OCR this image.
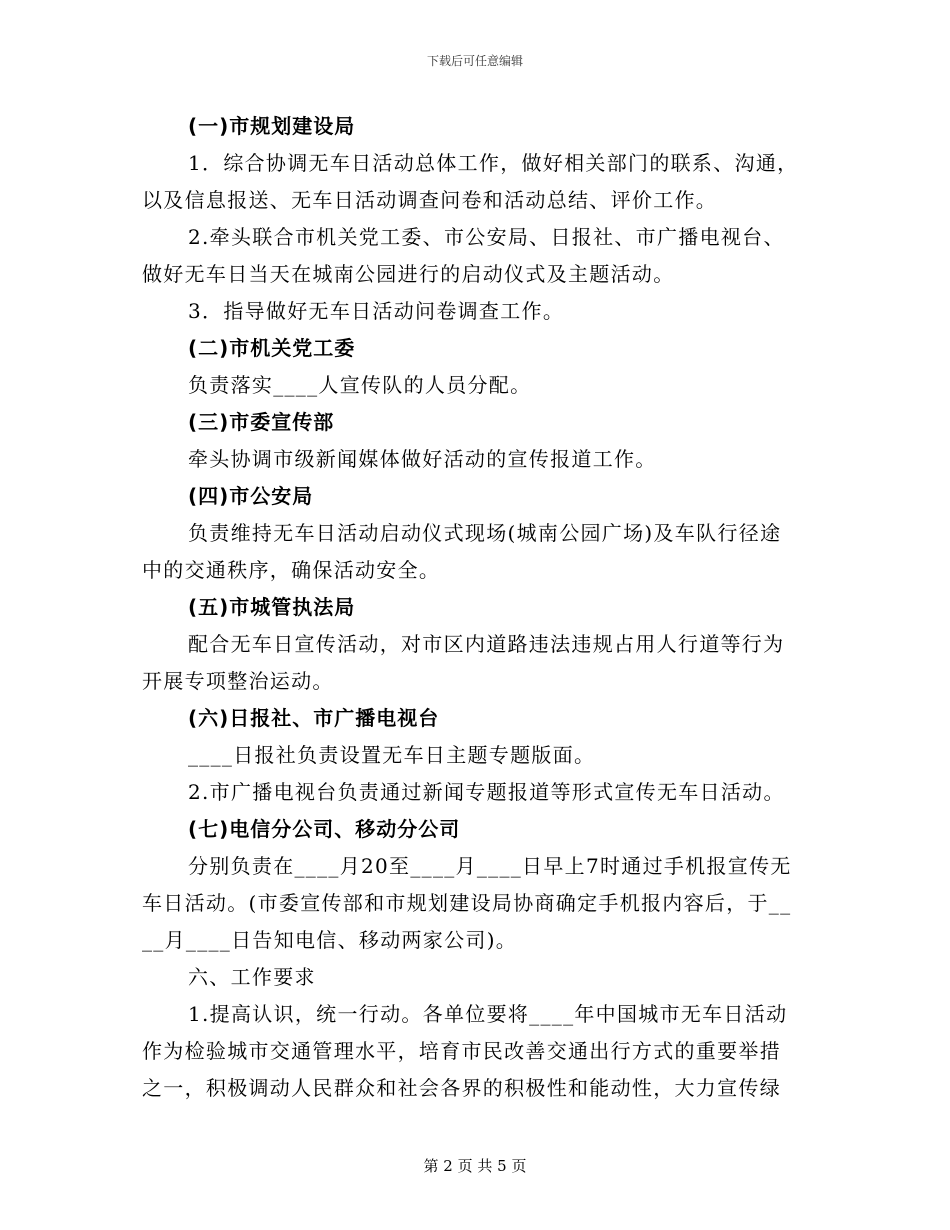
下载后可任意编辑
(一)市规划建设局
1．综合协调无车日活动总体工作，做好相关部门的联系、沟通，
以及信息报送、无车日活动调查问卷和活动总结、评价工作。
2.牵头联合市机关党工委、市公安局、日报社、市广播电视台、
做好无车日当天在城南公园进行的启动仪式及主题活动。
3．指导做好无车日活动问卷调查工作。
(二)市机关党工委
负责落实____人宣传队的人员分配。
(三)市委宣传部
牵头协调市级新闻媒体做好活动的宣传报道工作。
(四)市公安局
负责维持无车日活动启动仪式现场(城南公园广场)及车队行径途
中的交通秩序，确保活动安全。
(五)市城管执法局
配合无车日宣传活动，对市区内道路违法违规占用人行道等行为
开展专项整治运动。
(六)日报社、市广播电视台
____日报社负责设置无车日主题专题版面。
2.市广播电视台负责通过新闻专题报道等形式宣传无车日活动。
(七)电信分公司、移动分公司
分别负责在____月20至____月____日早上7时通过手机报宣传无
车日活动。(市委宣传部和市规划建设局协商确定手机报内容后，于__
__月____日告知电信、移动两家公司)。
六、工作要求
1.提高认识，统一行动。各单位要将____年中国城市无车日活动
作为检验城市交通管理水平，培育市民改善交通出行方式的重要举措
之一，积极调动人民群众和社会各界的积极性和能动性，大力宣传绿
第 2 页 共 5 页
